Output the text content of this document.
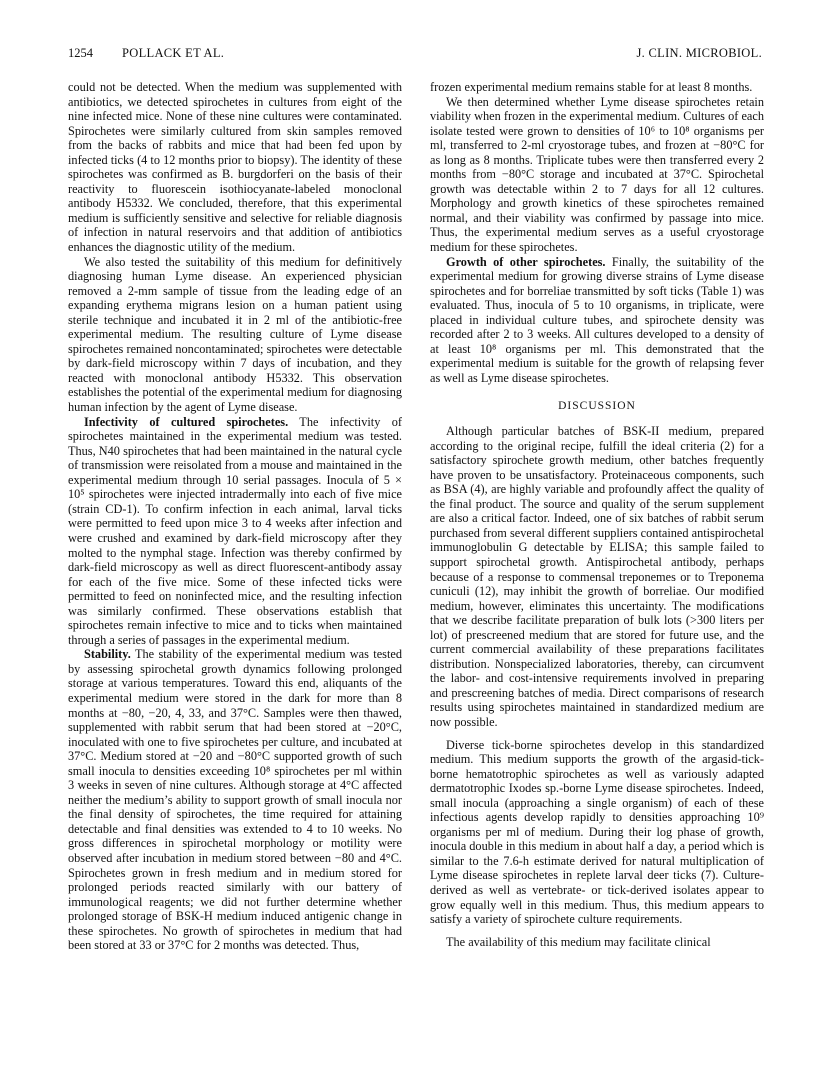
1254 POLLACK ET AL.	J. CLIN. MICROBIOL.

could not be detected. When the medium was supplemented with antibiotics, we detected spirochetes in cultures from eight of the nine infected mice. None of these nine cultures were contaminated. Spirochetes were similarly cultured from skin samples removed from the backs of rabbits and mice that had been fed upon by infected ticks (4 to 12 months prior to biopsy). The identity of these spirochetes was confirmed as B. burgdorferi on the basis of their reactivity to fluorescein isothiocyanate-labeled monoclonal antibody H5332. We concluded, therefore, that this experimental medium is sufficiently sensitive and selective for reliable diagnosis of infection in natural reservoirs and that addition of antibiotics enhances the diagnostic utility of the medium.

We also tested the suitability of this medium for definitively diagnosing human Lyme disease. An experienced physician removed a 2-mm sample of tissue from the leading edge of an expanding erythema migrans lesion on a human patient using sterile technique and incubated it in 2 ml of the antibiotic-free experimental medium. The resulting culture of Lyme disease spirochetes remained noncontaminated; spirochetes were detectable by dark-field microscopy within 7 days of incubation, and they reacted with monoclonal antibody H5332. This observation establishes the potential of the experimental medium for diagnosing human infection by the agent of Lyme disease.

Infectivity of cultured spirochetes. The infectivity of spirochetes maintained in the experimental medium was tested. Thus, N40 spirochetes that had been maintained in the natural cycle of transmission were reisolated from a mouse and maintained in the experimental medium through 10 serial passages. Inocula of 5 × 10⁵ spirochetes were injected intradermally into each of five mice (strain CD-1). To confirm infection in each animal, larval ticks were permitted to feed upon mice 3 to 4 weeks after infection and were crushed and examined by dark-field microscopy after they molted to the nymphal stage. Infection was thereby confirmed by dark-field microscopy as well as direct fluorescent-antibody assay for each of the five mice. Some of these infected ticks were permitted to feed on noninfected mice, and the resulting infection was similarly confirmed. These observations establish that spirochetes remain infective to mice and to ticks when maintained through a series of passages in the experimental medium.

Stability. The stability of the experimental medium was tested by assessing spirochetal growth dynamics following prolonged storage at various temperatures. Toward this end, aliquants of the experimental medium were stored in the dark for more than 8 months at −80, −20, 4, 33, and 37°C. Samples were then thawed, supplemented with rabbit serum that had been stored at −20°C, inoculated with one to five spirochetes per culture, and incubated at 37°C. Medium stored at −20 and −80°C supported growth of such small inocula to densities exceeding 10⁸ spirochetes per ml within 3 weeks in seven of nine cultures. Although storage at 4°C affected neither the medium’s ability to support growth of small inocula nor the final density of spirochetes, the time required for attaining detectable and final densities was extended to 4 to 10 weeks. No gross differences in spirochetal morphology or motility were observed after incubation in medium stored between −80 and 4°C. Spirochetes grown in fresh medium and in medium stored for prolonged periods reacted similarly with our battery of immunological reagents; we did not further determine whether prolonged storage of BSK-H medium induced antigenic change in these spirochetes. No growth of spirochetes in medium that had been stored at 33 or 37°C for 2 months was detected. Thus,

frozen experimental medium remains stable for at least 8 months.

We then determined whether Lyme disease spirochetes retain viability when frozen in the experimental medium. Cultures of each isolate tested were grown to densities of 10⁶ to 10⁸ organisms per ml, transferred to 2-ml cryostorage tubes, and frozen at −80°C for as long as 8 months. Triplicate tubes were then transferred every 2 months from −80°C storage and incubated at 37°C. Spirochetal growth was detectable within 2 to 7 days for all 12 cultures. Morphology and growth kinetics of these spirochetes remained normal, and their viability was confirmed by passage into mice. Thus, the experimental medium serves as a useful cryostorage medium for these spirochetes.

Growth of other spirochetes. Finally, the suitability of the experimental medium for growing diverse strains of Lyme disease spirochetes and for borreliae transmitted by soft ticks (Table 1) was evaluated. Thus, inocula of 5 to 10 organisms, in triplicate, were placed in individual culture tubes, and spirochete density was recorded after 2 to 3 weeks. All cultures developed to a density of at least 10⁸ organisms per ml. This demonstrated that the experimental medium is suitable for the growth of relapsing fever as well as Lyme disease spirochetes.

DISCUSSION

Although particular batches of BSK-II medium, prepared according to the original recipe, fulfill the ideal criteria (2) for a satisfactory spirochete growth medium, other batches frequently have proven to be unsatisfactory. Proteinaceous components, such as BSA (4), are highly variable and profoundly affect the quality of the final product. The source and quality of the serum supplement are also a critical factor. Indeed, one of six batches of rabbit serum purchased from several different suppliers contained antispirochetal immunoglobulin G detectable by ELISA; this sample failed to support spirochetal growth. Antispirochetal antibody, perhaps because of a response to commensal treponemes or to Treponema cuniculi (12), may inhibit the growth of borreliae. Our modified medium, however, eliminates this uncertainty. The modifications that we describe facilitate preparation of bulk lots (>300 liters per lot) of prescreened medium that are stored for future use, and the current commercial availability of these preparations facilitates distribution. Nonspecialized laboratories, thereby, can circumvent the labor- and cost-intensive requirements involved in preparing and prescreening batches of media. Direct comparisons of research results using spirochetes maintained in standardized medium are now possible.

Diverse tick-borne spirochetes develop in this standardized medium. This medium supports the growth of the argasid-tick-borne hematotrophic spirochetes as well as variously adapted dermatotrophic Ixodes sp.-borne Lyme disease spirochetes. Indeed, small inocula (approaching a single organism) of each of these infectious agents develop rapidly to densities approaching 10⁹ organisms per ml of medium. During their log phase of growth, inocula double in this medium in about half a day, a period which is similar to the 7.6-h estimate derived for natural multiplication of Lyme disease spirochetes in replete larval deer ticks (7). Culture-derived as well as vertebrate- or tick-derived isolates appear to grow equally well in this medium. Thus, this medium appears to satisfy a variety of spirochete culture requirements.

The availability of this medium may facilitate clinical
